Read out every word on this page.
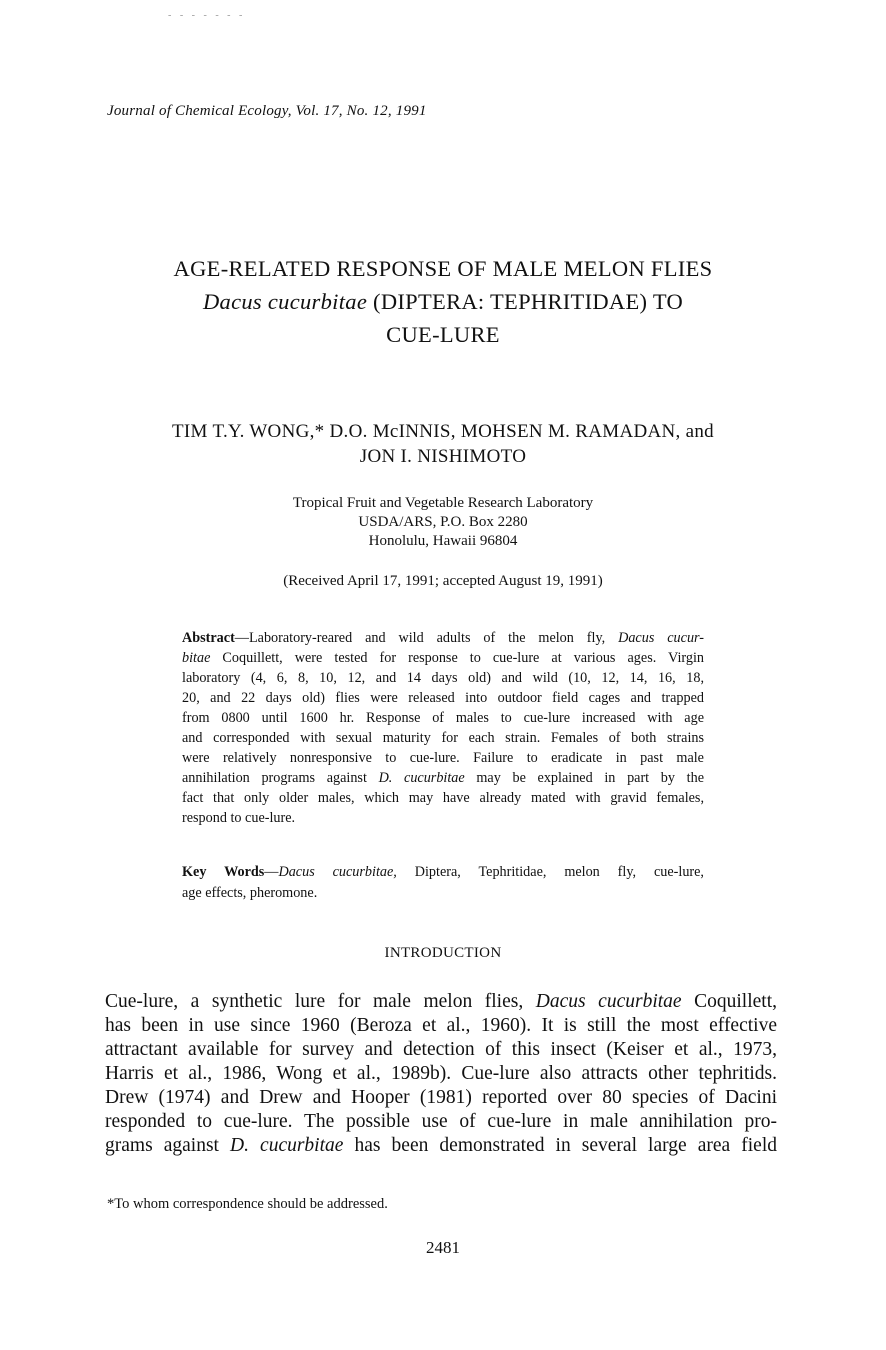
- - - - - - -
Journal of Chemical Ecology, Vol. 17, No. 12, 1991
AGE-RELATED RESPONSE OF MALE MELON FLIES
Dacus cucurbitae (DIPTERA: TEPHRITIDAE) TO
CUE-LURE
TIM T.Y. WONG,* D.O. McINNIS, MOHSEN M. RAMADAN, and
JON I. NISHIMOTO
Tropical Fruit and Vegetable Research Laboratory
USDA/ARS, P.O. Box 2280
Honolulu, Hawaii 96804
(Received April 17, 1991; accepted August 19, 1991)
Abstract—Laboratory-reared and wild adults of the melon fly, Dacus cucur-
bitae Coquillett, were tested for response to cue-lure at various ages. Virgin
laboratory (4, 6, 8, 10, 12, and 14 days old) and wild (10, 12, 14, 16, 18,
20, and 22 days old) flies were released into outdoor field cages and trapped
from 0800 until 1600 hr. Response of males to cue-lure increased with age
and corresponded with sexual maturity for each strain. Females of both strains
were relatively nonresponsive to cue-lure. Failure to eradicate in past male
annihilation programs against D. cucurbitae may be explained in part by the
fact that only older males, which may have already mated with gravid females,
respond to cue-lure.
Key Words—Dacus cucurbitae, Diptera, Tephritidae, melon fly, cue-lure,
age effects, pheromone.
INTRODUCTION
Cue-lure, a synthetic lure for male melon flies, Dacus cucurbitae Coquillett,
has been in use since 1960 (Beroza et al., 1960). It is still the most effective
attractant available for survey and detection of this insect (Keiser et al., 1973,
Harris et al., 1986, Wong et al., 1989b). Cue-lure also attracts other tephritids.
Drew (1974) and Drew and Hooper (1981) reported over 80 species of Dacini
responded to cue-lure. The possible use of cue-lure in male annihilation pro-
grams against D. cucurbitae has been demonstrated in several large area field
*To whom correspondence should be addressed.
2481
